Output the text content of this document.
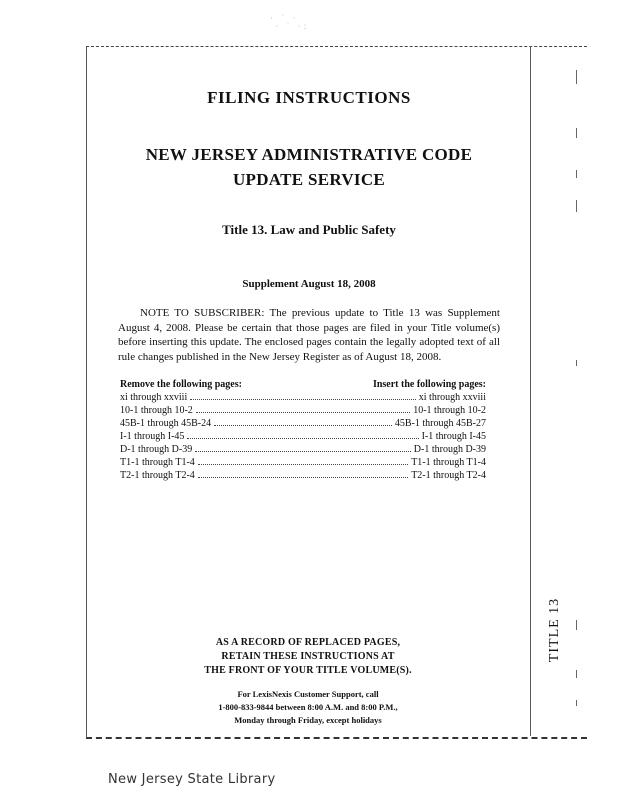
· ˙ ·
· ˙ ·:
FILING INSTRUCTIONS
NEW JERSEY ADMINISTRATIVE CODE
UPDATE SERVICE
Title 13. Law and Public Safety
Supplement August 18, 2008
NOTE TO SUBSCRIBER: The previous update to Title 13 was Supplement August 4, 2008. Please be certain that those pages are filed in your Title volume(s) before inserting this update. The enclosed pages contain the legally adopted text of all rule changes published in the New Jersey Register as of August 18, 2008.
Remove the following pages:	Insert the following pages:
xi through xxviii	xi through xxviii
10-1 through 10-2	10-1 through 10-2
45B-1 through 45B-24	45B-1 through 45B-27
I-1 through I-45	I-1 through I-45
D-1 through D-39	D-1 through D-39
T1-1 through T1-4	T1-1 through T1-4
T2-1 through T2-4	T2-1 through T2-4
AS A RECORD OF REPLACED PAGES,
RETAIN THESE INSTRUCTIONS AT
THE FRONT OF YOUR TITLE VOLUME(S).
For LexisNexis Customer Support, call
1-800-833-9844 between 8:00 A.M. and 8:00 P.M.,
Monday through Friday, except holidays
TITLE 13
New Jersey State Library
